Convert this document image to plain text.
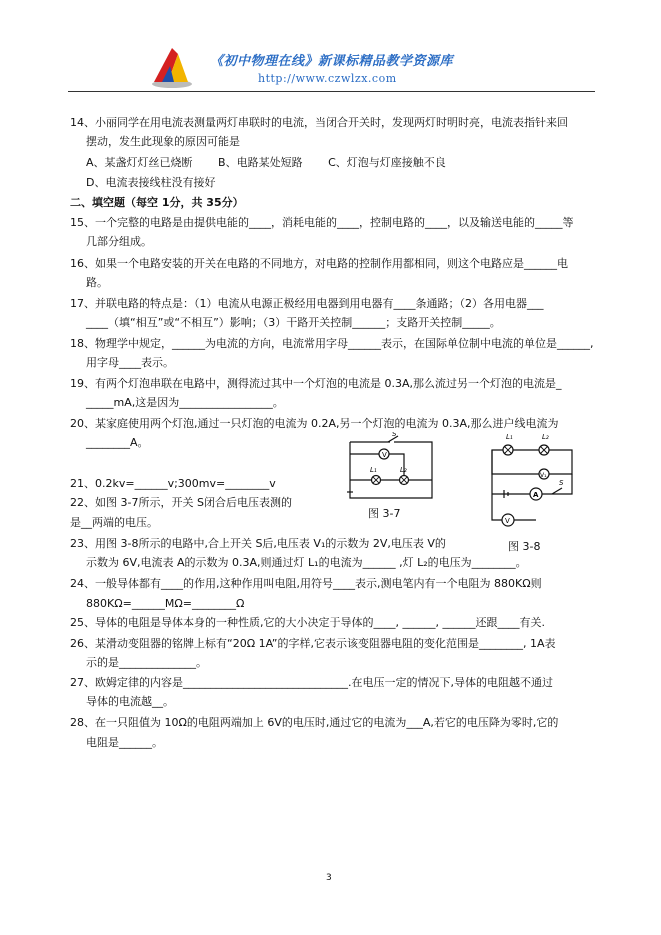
《初中物理在线》新课标精品教学资源库
http://www.czwlzx.com
14、小丽同学在用电流表测量两灯串联时的电流，当闭合开关时，发现两灯时明时亮，电流表指针来回
摆动，发生此现象的原因可能是
A、某盏灯灯丝已烧断　　 B、电路某处短路　　 C、灯泡与灯座接触不良
D、电流表接线柱没有接好
二、填空题（每空 1分，共 35分）
15、一个完整的电路是由提供电能的____，消耗电能的____，控制电路的____，以及输送电能的_____等
几部分组成。
16、如果一个电路安装的开关在电路的不同地方，对电路的控制作用都相同，则这个电路应是______电
路。
17、并联电路的特点是：（1）电流从电源正极经用电器到用电器有____条通路；（2）各用电器___
____（填“相互”或“不相互”）影响；（3）干路开关控制______；支路开关控制_____。
18、物理学中规定，______为电流的方向，电流常用字母______表示，在国际单位制中电流的单位是______,
用字母____表示。
19、有两个灯泡串联在电路中，测得流过其中一个灯泡的电流是 0.3A,那么流过另一个灯泡的电流是_
_____mA,这是因为_________________。
20、某家庭使用两个灯泡,通过一只灯泡的电流为 0.2A,另一个灯泡的电流为 0.3A,那么进户线电流为
________A。
21、0.2kv=______v;300mv=________v
22、如图 3-7所示，开关 S闭合后电压表测的
是__两端的电压。
23、用图 3-8所示的电路中,合上开关 S后,电压表 V₁的示数为 2V,电压表 V的
示数为 6V,电流表 A的示数为 0.3A,则通过灯 L₁的电流为______ ,灯 L₂的电压为________。
24、一般导体都有____的作用,这种作用叫电阻,用符号____表示,测电笔内有一个电阻为 880KΩ则
880KΩ=______MΩ=________Ω
25、导体的电阻是导体本身的一种性质,它的大小决定于导体的____, ______, ______还跟____有关.
26、某滑动变阻器的铭牌上标有“20Ω 1A”的字样,它表示该变阻器电阻的变化范围是________, 1A表
示的是______________。
27、欧姆定律的内容是______________________________.在电压一定的情况下,导体的电阻越不通过
导体的电流越__。
28、在一只阻值为 10Ω的电阻两端加上 6V的电压时,通过它的电流为___A,若它的电压降为零时,它的
电阻是______。
V
S
L₁	L₂
图 3-7
L₁	L₂
V₁
A
S
V
图 3-8
3
